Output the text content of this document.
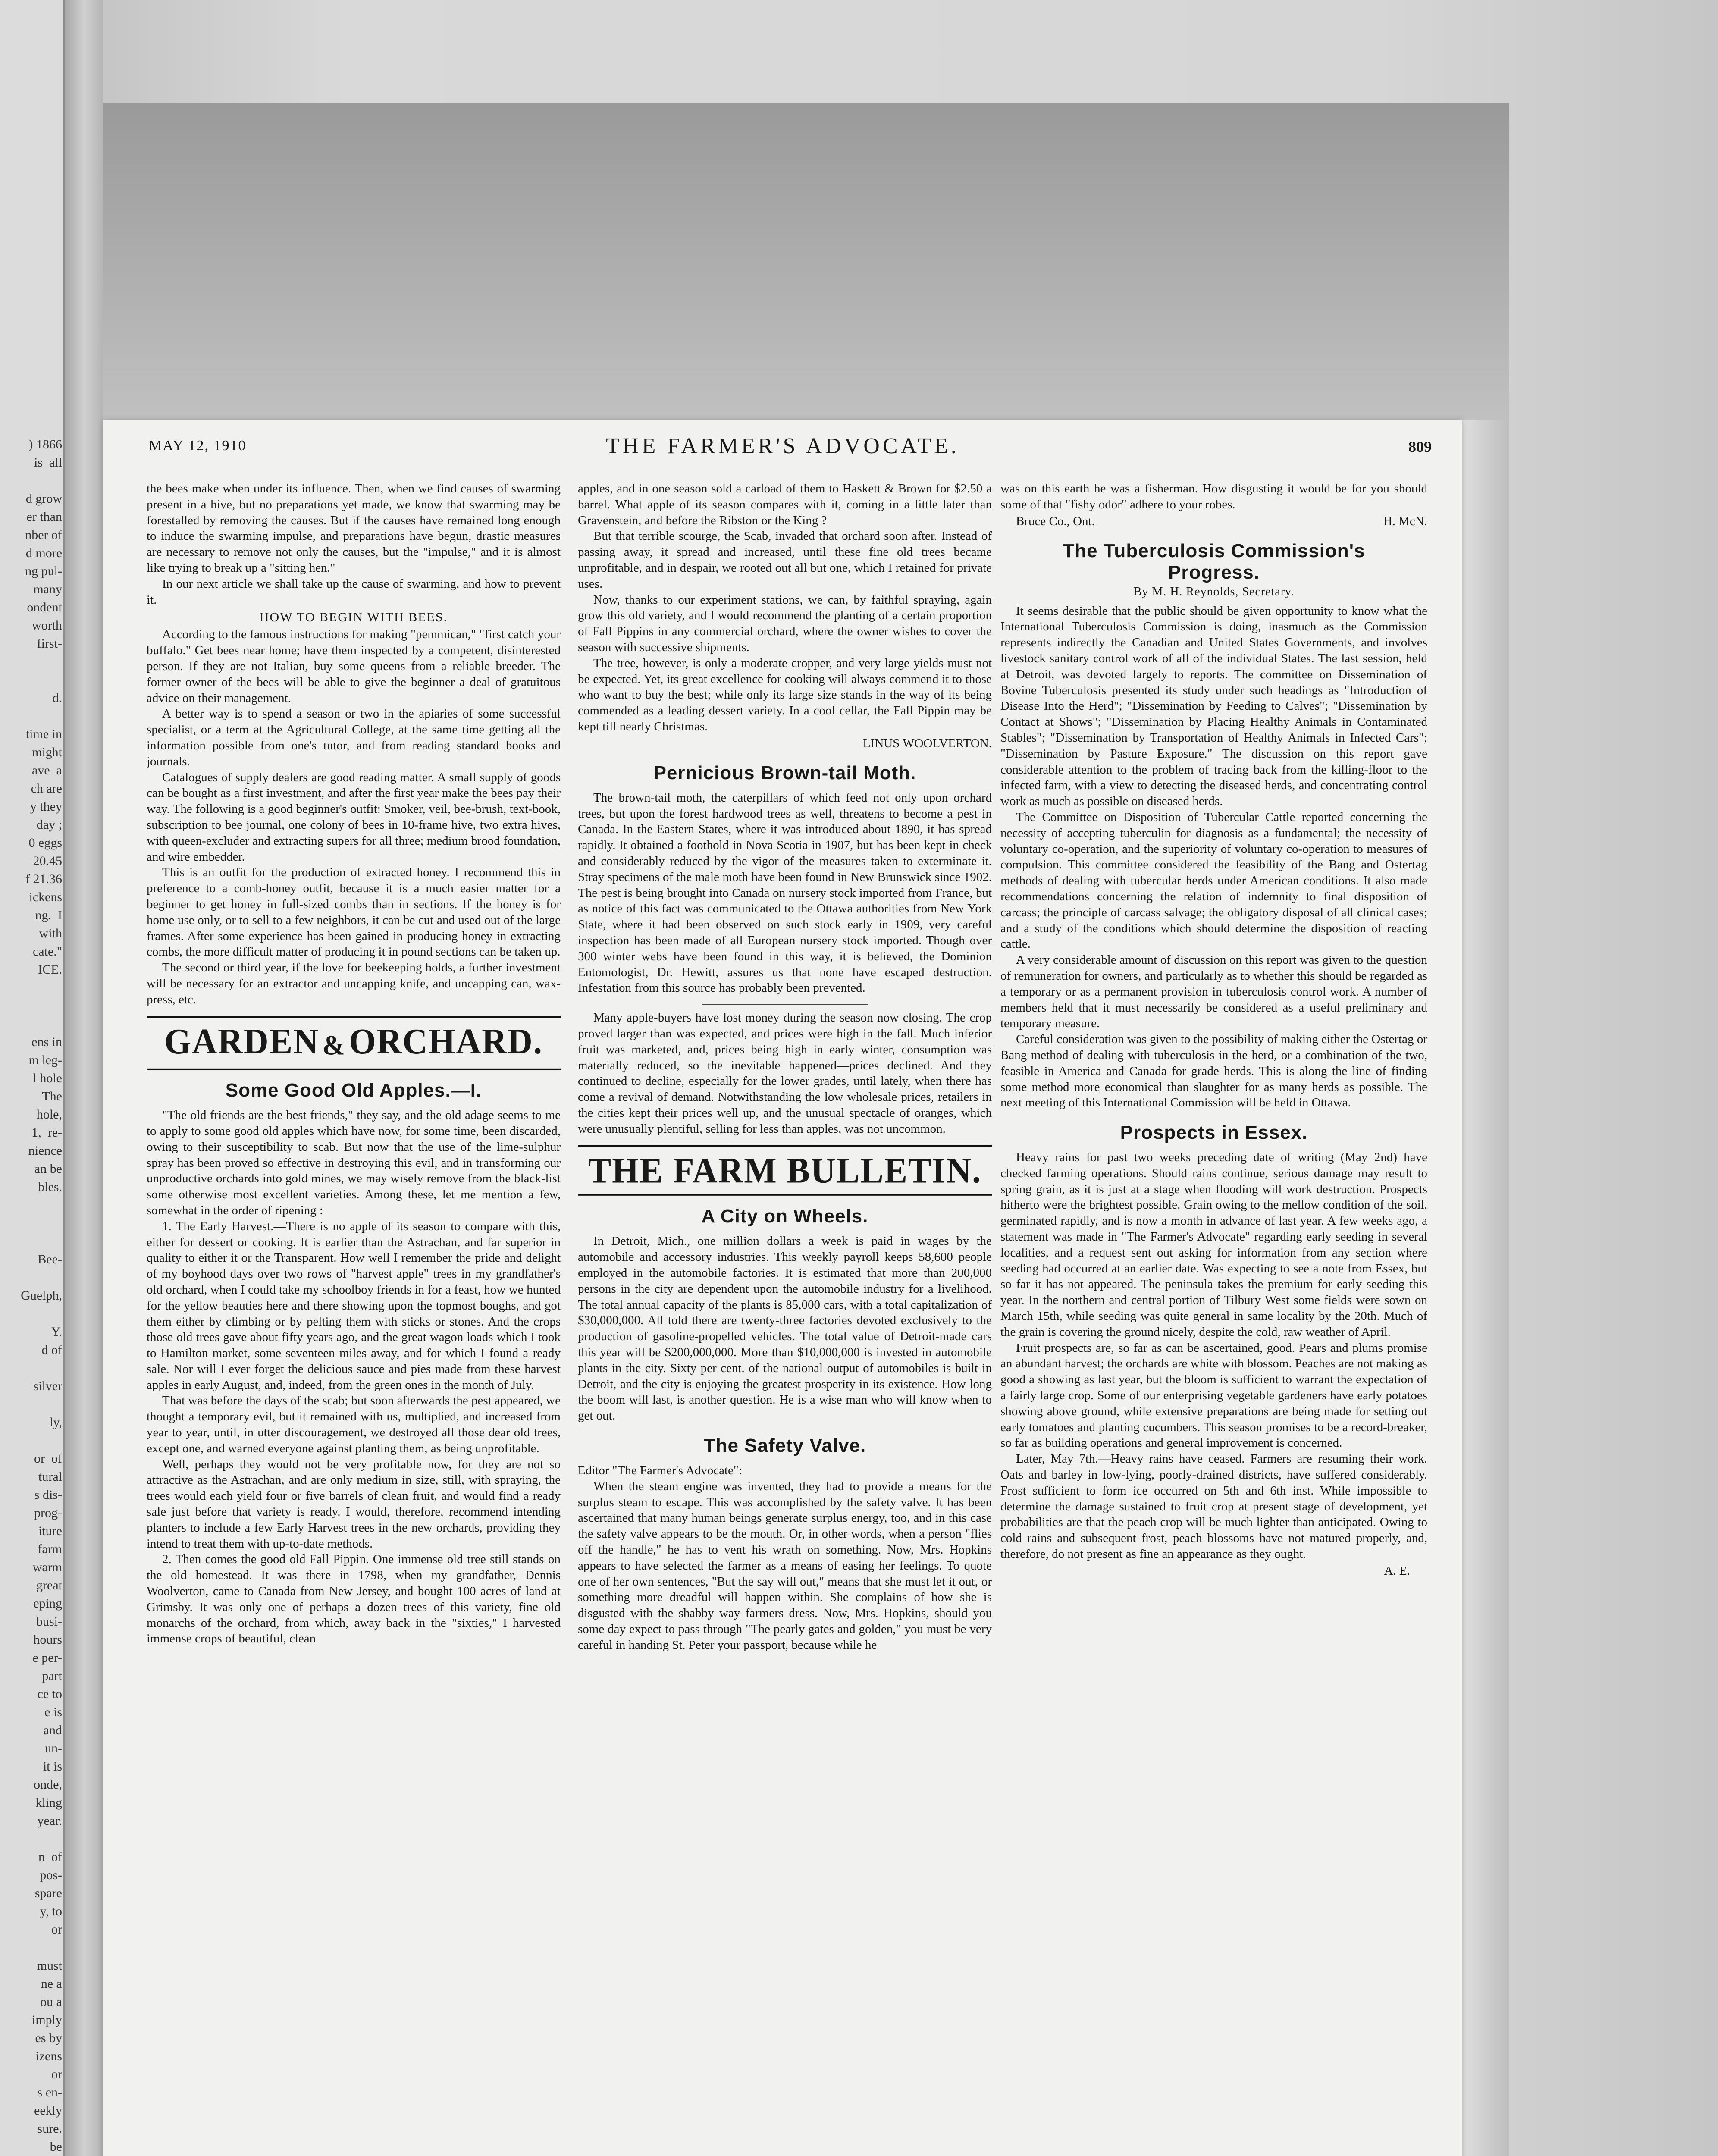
) 1866
is  all
d grow
er than
nber of
d more
ng pul-
many
ondent
worth
first-
d.
time in
might
ave  a
ch are
y they
day ;
0 eggs
20.45
f 21.36
ickens
ng.  I
with
cate."
ICE.
ens in
m leg-
l hole
The
hole,
1,  re-
nience
an be
bles.
Bee-
Guelph,
Y.
d of
silver
ly,
or  of
tural
s dis-
prog-
iture
farm
warm
great
eping
busi-
hours
e per-
part
ce to
e is
and
un-
it is
onde,
kling
year.
n  of
pos-
spare
y, to
or
must
ne a
ou a
imply
es by
izens
or
s en-
eekly
sure.
be
MAY 12, 1910	THE FARMER'S ADVOCATE.	809

the bees make when under its influence. Then, when we find causes of swarming present in a hive, but no preparations yet made, we know that swarming may be forestalled by removing the causes. But if the causes have remained long enough to induce the swarming impulse, and preparations have begun, drastic measures are necessary to remove not only the causes, but the "impulse," and it is almost like trying to break up a "sitting hen."

In our next article we shall take up the cause of swarming, and how to prevent it.

HOW TO BEGIN WITH BEES.

According to the famous instructions for making "pemmican," "first catch your buffalo." Get bees near home; have them inspected by a competent, disinterested person. If they are not Italian, buy some queens from a reliable breeder. The former owner of the bees will be able to give the beginner a deal of gratuitous advice on their management.

A better way is to spend a season or two in the apiaries of some successful specialist, or a term at the Agricultural College, at the same time getting all the information possible from one's tutor, and from reading standard books and journals.

Catalogues of supply dealers are good reading matter. A small supply of goods can be bought as a first investment, and after the first year make the bees pay their way. The following is a good beginner's outfit: Smoker, veil, bee-brush, text-book, subscription to bee journal, one colony of bees in 10-frame hive, two extra hives, with queen-excluder and extracting supers for all three; medium brood foundation, and wire embedder.

This is an outfit for the production of extracted honey. I recommend this in preference to a comb-honey outfit, because it is a much easier matter for a beginner to get honey in full-sized combs than in sections. If the honey is for home use only, or to sell to a few neighbors, it can be cut and used out of the large frames. After some experience has been gained in producing honey in extracting combs, the more difficult matter of producing it in pound sections can be taken up.

The second or third year, if the love for beekeeping holds, a further investment will be necessary for an extractor and uncapping knife, and uncapping can, wax-press, etc.

GARDEN & ORCHARD.
Some Good Old Apples.—I.

"The old friends are the best friends," they say, and the old adage seems to me to apply to some good old apples which have now, for some time, been discarded, owing to their susceptibility to scab. But now that the use of the lime-sulphur spray has been proved so effective in destroying this evil, and in transforming our unproductive orchards into gold mines, we may wisely remove from the black-list some otherwise most excellent varieties. Among these, let me mention a few, somewhat in the order of ripening :

1. The Early Harvest.—There is no apple of its season to compare with this, either for dessert or cooking. It is earlier than the Astrachan, and far superior in quality to either it or the Transparent. How well I remember the pride and delight of my boyhood days over two rows of "harvest apple" trees in my grandfather's old orchard, when I could take my schoolboy friends in for a feast, how we hunted for the yellow beauties here and there showing upon the topmost boughs, and got them either by climbing or by pelting them with sticks or stones. And the crops those old trees gave about fifty years ago, and the great wagon loads which I took to Hamilton market, some seventeen miles away, and for which I found a ready sale. Nor will I ever forget the delicious sauce and pies made from these harvest apples in early August, and, indeed, from the green ones in the month of July.

That was before the days of the scab; but soon afterwards the pest appeared, we thought a temporary evil, but it remained with us, multiplied, and increased from year to year, until, in utter discouragement, we destroyed all those dear old trees, except one, and warned everyone against planting them, as being unprofitable.

Well, perhaps they would not be very profitable now, for they are not so attractive as the Astrachan, and are only medium in size, still, with spraying, the trees would each yield four or five barrels of clean fruit, and would find a ready sale just before that variety is ready. I would, therefore, recommend intending planters to include a few Early Harvest trees in the new orchards, providing they intend to treat them with up-to-date methods.

2. Then comes the good old Fall Pippin. One immense old tree still stands on the old homestead. It was there in 1798, when my grandfather, Dennis Woolverton, came to Canada from New Jersey, and bought 100 acres of land at Grimsby. It was only one of perhaps a dozen trees of this variety, fine old monarchs of the orchard, from which, away back in the "sixties," I harvested immense crops of beautiful, clean

apples, and in one season sold a carload of them to Haskett & Brown for $2.50 a barrel. What apple of its season compares with it, coming in a little later than Gravenstein, and before the Ribston or the King ?

But that terrible scourge, the Scab, invaded that orchard soon after. Instead of passing away, it spread and increased, until these fine old trees became unprofitable, and in despair, we rooted out all but one, which I retained for private uses.

Now, thanks to our experiment stations, we can, by faithful spraying, again grow this old variety, and I would recommend the planting of a certain proportion of Fall Pippins in any commercial orchard, where the owner wishes to cover the season with successive shipments.

The tree, however, is only a moderate cropper, and very large yields must not be expected. Yet, its great excellence for cooking will always commend it to those who want to buy the best; while only its large size stands in the way of its being commended as a leading dessert variety. In a cool cellar, the Fall Pippin may be kept till nearly Christmas.

LINUS WOOLVERTON.
Pernicious Brown-tail Moth.

The brown-tail moth, the caterpillars of which feed not only upon orchard trees, but upon the forest hardwood trees as well, threatens to become a pest in Canada. In the Eastern States, where it was introduced about 1890, it has spread rapidly. It obtained a foothold in Nova Scotia in 1907, but has been kept in check and considerably reduced by the vigor of the measures taken to exterminate it. Stray specimens of the male moth have been found in New Brunswick since 1902. The pest is being brought into Canada on nursery stock imported from France, but as notice of this fact was communicated to the Ottawa authorities from New York State, where it had been observed on such stock early in 1909, very careful inspection has been made of all European nursery stock imported. Though over 300 winter webs have been found in this way, it is believed, the Dominion Entomologist, Dr. Hewitt, assures us that none have escaped destruction. Infestation from this source has probably been prevented.

Many apple-buyers have lost money during the season now closing. The crop proved larger than was expected, and prices were high in the fall. Much inferior fruit was marketed, and, prices being high in early winter, consumption was materially reduced, so the inevitable happened—prices declined. And they continued to decline, especially for the lower grades, until lately, when there has come a revival of demand. Notwithstanding the low wholesale prices, retailers in the cities kept their prices well up, and the unusual spectacle of oranges, which were unusually plentiful, selling for less than apples, was not uncommon.

THE FARM BULLETIN.
A City on Wheels.

In Detroit, Mich., one million dollars a week is paid in wages by the automobile and accessory industries. This weekly payroll keeps 58,600 people employed in the automobile factories. It is estimated that more than 200,000 persons in the city are dependent upon the automobile industry for a livelihood. The total annual capacity of the plants is 85,000 cars, with a total capitalization of $30,000,000. All told there are twenty-three factories devoted exclusively to the production of gasoline-propelled vehicles. The total value of Detroit-made cars this year will be $200,000,000. More than $10,000,000 is invested in automobile plants in the city. Sixty per cent. of the national output of automobiles is built in Detroit, and the city is enjoying the greatest prosperity in its existence. How long the boom will last, is another question. He is a wise man who will know when to get out.

The Safety Valve.

Editor "The Farmer's Advocate":

When the steam engine was invented, they had to provide a means for the surplus steam to escape. This was accomplished by the safety valve. It has been ascertained that many human beings generate surplus energy, too, and in this case the safety valve appears to be the mouth. Or, in other words, when a person "flies off the handle," he has to vent his wrath on something. Now, Mrs. Hopkins appears to have selected the farmer as a means of easing her feelings. To quote one of her own sentences, "But the say will out," means that she must let it out, or something more dreadful will happen within. She complains of how she is disgusted with the shabby way farmers dress. Now, Mrs. Hopkins, should you some day expect to pass through "The pearly gates and golden," you must be very careful in handing St. Peter your passport, because while he

was on this earth he was a fisherman. How disgusting it would be for you should some of that "fishy odor" adhere to your robes.

Bruce Co., Ont.	H. McN.
The Tuberculosis Commission's
Progress.
By M. H. Reynolds, Secretary.

It seems desirable that the public should be given opportunity to know what the International Tuberculosis Commission is doing, inasmuch as the Commission represents indirectly the Canadian and United States Governments, and involves livestock sanitary control work of all of the individual States. The last session, held at Detroit, was devoted largely to reports. The committee on Dissemination of Bovine Tuberculosis presented its study under such headings as "Introduction of Disease Into the Herd"; "Dissemination by Feeding to Calves"; "Dissemination by Contact at Shows"; "Dissemination by Placing Healthy Animals in Contaminated Stables"; "Dissemination by Transportation of Healthy Animals in Infected Cars"; "Dissemination by Pasture Exposure." The discussion on this report gave considerable attention to the problem of tracing back from the killing-floor to the infected farm, with a view to detecting the diseased herds, and concentrating control work as much as possible on diseased herds.

The Committee on Disposition of Tubercular Cattle reported concerning the necessity of accepting tuberculin for diagnosis as a fundamental; the necessity of voluntary co-operation, and the superiority of voluntary co-operation to measures of compulsion. This committee considered the feasibility of the Bang and Ostertag methods of dealing with tubercular herds under American conditions. It also made recommendations concerning the relation of indemnity to final disposition of carcass; the principle of carcass salvage; the obligatory disposal of all clinical cases; and a study of the conditions which should determine the disposition of reacting cattle.

A very considerable amount of discussion on this report was given to the question of remuneration for owners, and particularly as to whether this should be regarded as a temporary or as a permanent provision in tuberculosis control work. A number of members held that it must necessarily be considered as a useful preliminary and temporary measure.

Careful consideration was given to the possibility of making either the Ostertag or Bang method of dealing with tuberculosis in the herd, or a combination of the two, feasible in America and Canada for grade herds. This is along the line of finding some method more economical than slaughter for as many herds as possible. The next meeting of this International Commission will be held in Ottawa.

Prospects in Essex.

Heavy rains for past two weeks preceding date of writing (May 2nd) have checked farming operations. Should rains continue, serious damage may result to spring grain, as it is just at a stage when flooding will work destruction. Prospects hitherto were the brightest possible. Grain owing to the mellow condition of the soil, germinated rapidly, and is now a month in advance of last year. A few weeks ago, a statement was made in "The Farmer's Advocate" regarding early seeding in several localities, and a request sent out asking for information from any section where seeding had occurred at an earlier date. Was expecting to see a note from Essex, but so far it has not appeared. The peninsula takes the premium for early seeding this year. In the northern and central portion of Tilbury West some fields were sown on March 15th, while seeding was quite general in same locality by the 20th. Much of the grain is covering the ground nicely, despite the cold, raw weather of April.

Fruit prospects are, so far as can be ascertained, good. Pears and plums promise an abundant harvest; the orchards are white with blossom. Peaches are not making as good a showing as last year, but the bloom is sufficient to warrant the expectation of a fairly large crop. Some of our enterprising vegetable gardeners have early potatoes showing above ground, while extensive preparations are being made for setting out early tomatoes and planting cucumbers. This season promises to be a record-breaker, so far as building operations and general improvement is concerned.

Later, May 7th.—Heavy rains have ceased. Farmers are resuming their work. Oats and barley in low-lying, poorly-drained districts, have suffered considerably. Frost sufficient to form ice occurred on 5th and 6th inst. While impossible to determine the damage sustained to fruit crop at present stage of development, yet probabilities are that the peach crop will be much lighter than anticipated. Owing to cold rains and subsequent frost, peach blossoms have not matured properly, and, therefore, do not present as fine an appearance as they ought.

A. E.
